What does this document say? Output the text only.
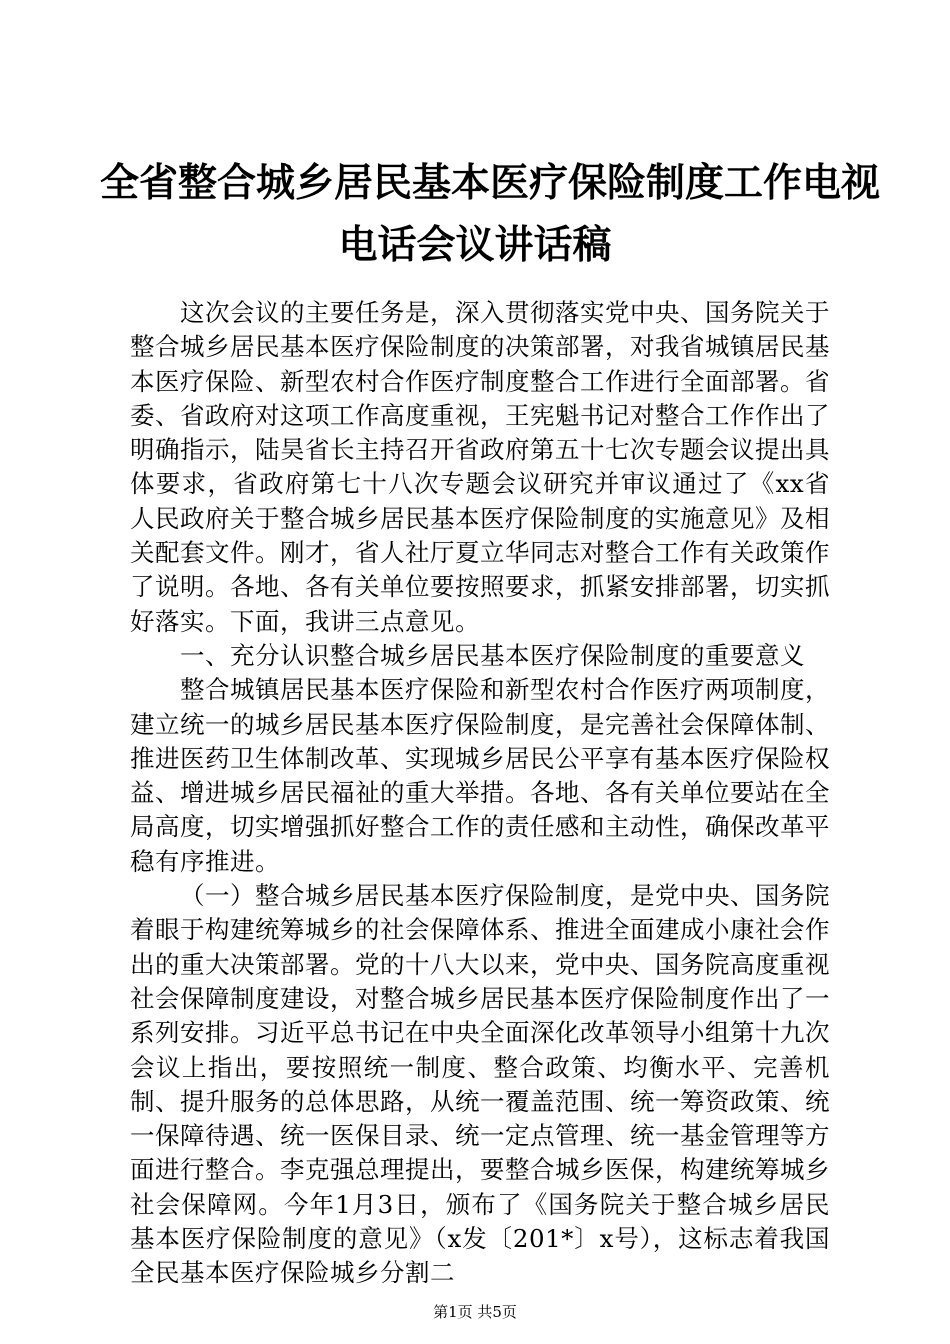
全省整合城乡居民基本医疗保险制度工作电视
电话会议讲话稿

这次会议的主要任务是，深入贯彻落实党中央、国务院关于整合城乡居民基本医疗保险制度的决策部署，对我省城镇居民基本医疗保险、新型农村合作医疗制度整合工作进行全面部署。省委、省政府对这项工作高度重视，王宪魁书记对整合工作作出了明确指示，陆昊省长主持召开省政府第五十七次专题会议提出具体要求，省政府第七十八次专题会议研究并审议通过了《xx省人民政府关于整合城乡居民基本医疗保险制度的实施意见》及相关配套文件。刚才，省人社厅夏立华同志对整合工作有关政策作了说明。各地、各有关单位要按照要求，抓紧安排部署，切实抓好落实。下面，我讲三点意见。

一、充分认识整合城乡居民基本医疗保险制度的重要意义

整合城镇居民基本医疗保险和新型农村合作医疗两项制度，建立统一的城乡居民基本医疗保险制度，是完善社会保障体制、推进医药卫生体制改革、实现城乡居民公平享有基本医疗保险权益、增进城乡居民福祉的重大举措。各地、各有关单位要站在全局高度，切实增强抓好整合工作的责任感和主动性，确保改革平稳有序推进。

（一）整合城乡居民基本医疗保险制度，是党中央、国务院着眼于构建统筹城乡的社会保障体系、推进全面建成小康社会作出的重大决策部署。党的十八大以来，党中央、国务院高度重视社会保障制度建设，对整合城乡居民基本医疗保险制度作出了一系列安排。习近平总书记在中央全面深化改革领导小组第十九次会议上指出，要按照统一制度、整合政策、均衡水平、完善机制、提升服务的总体思路，从统一覆盖范围、统一筹资政策、统一保障待遇、统一医保目录、统一定点管理、统一基金管理等方面进行整合。李克强总理提出，要整合城乡医保，构建统筹城乡社会保障网。今年1月3日，颁布了《国务院关于整合城乡居民基本医疗保险制度的意见》（x发〔201*〕x号），这标志着我国全民基本医疗保险城乡分割二

第1页 共5页
